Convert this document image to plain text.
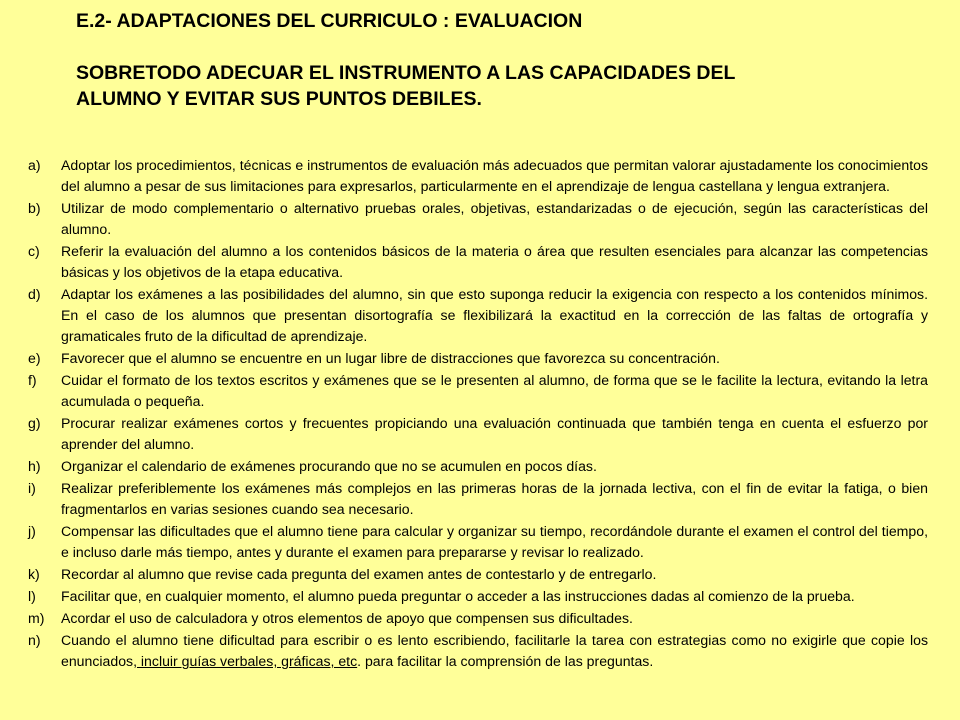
E.2- ADAPTACIONES DEL CURRICULO : EVALUACION
SOBRETODO ADECUAR EL INSTRUMENTO A LAS CAPACIDADES DEL
ALUMNO Y EVITAR SUS PUNTOS DEBILES.
a) Adoptar los procedimientos, técnicas e instrumentos de evaluación más adecuados que permitan valorar ajustadamente los conocimientos del alumno a pesar de sus limitaciones para expresarlos, particularmente en el aprendizaje de lengua castellana y lengua extranjera.
b) Utilizar de modo complementario o alternativo pruebas orales, objetivas, estandarizadas o de ejecución, según las características del alumno.
c) Referir la evaluación del alumno a los contenidos básicos de la materia o área que resulten esenciales para alcanzar las competencias básicas y los objetivos de la etapa educativa.
d) Adaptar los exámenes a las posibilidades del alumno, sin que esto suponga reducir la exigencia con respecto a los contenidos mínimos. En el caso de los alumnos que presentan disortografía se flexibilizará la exactitud en la corrección de las faltas de ortografía y gramaticales fruto de la dificultad de aprendizaje.
e) Favorecer que el alumno se encuentre en un lugar libre de distracciones que favorezca su concentración.
f) Cuidar el formato de los textos escritos y exámenes que se le presenten al alumno, de forma que se le facilite la lectura, evitando la letra acumulada o pequeña.
g) Procurar realizar exámenes cortos y frecuentes propiciando una evaluación continuada que también tenga en cuenta el esfuerzo por aprender del alumno.
h) Organizar el calendario de exámenes procurando que no se acumulen en pocos días.
i) Realizar preferiblemente los exámenes más complejos en las primeras horas de la jornada lectiva, con el fin de evitar la fatiga, o bien fragmentarlos en varias sesiones cuando sea necesario.
j) Compensar las dificultades que el alumno tiene para calcular y organizar su tiempo, recordándole durante el examen el control del tiempo, e incluso darle más tiempo, antes y durante el examen para prepararse y revisar lo realizado.
k) Recordar al alumno que revise cada pregunta del examen antes de contestarlo y de entregarlo.
l) Facilitar que, en cualquier momento, el alumno pueda preguntar o acceder a las instrucciones dadas al comienzo de la prueba.
m) Acordar el uso de calculadora y otros elementos de apoyo que compensen sus dificultades.
n) Cuando el alumno tiene dificultad para escribir o es lento escribiendo, facilitarle la tarea con estrategias como no exigirle que copie los enunciados, incluir guías verbales, gráficas, etc. para facilitar la comprensión de las preguntas.
